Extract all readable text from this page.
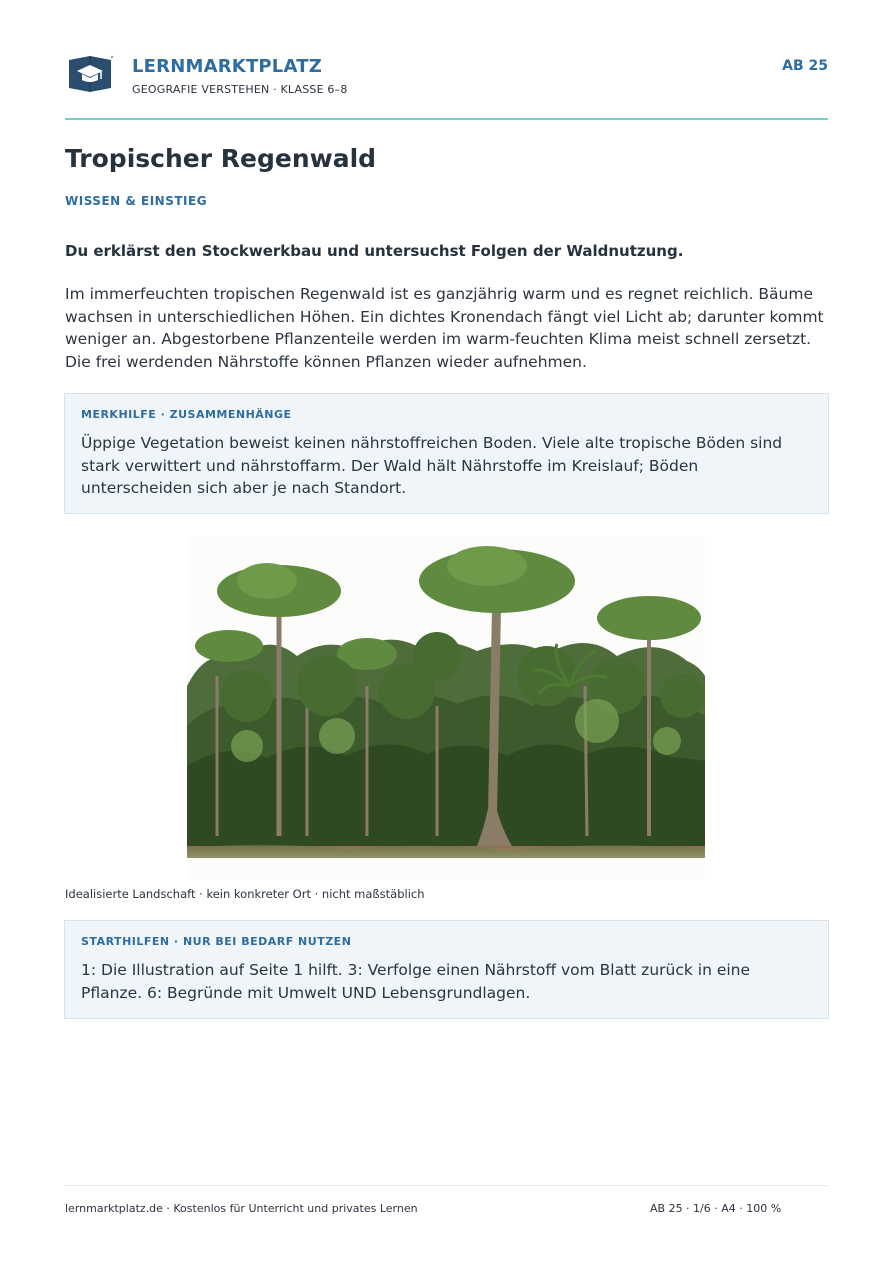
LERNMARKTPLATZ
GEOGRAFIE VERSTEHEN · KLASSE 6–8
AB 25
Tropischer Regenwald
WISSEN & EINSTIEG

Du erklärst den Stockwerkbau und untersuchst Folgen der Waldnutzung.

Im immerfeuchten tropischen Regenwald ist es ganzjährig warm und es regnet reichlich. Bäume wachsen in unterschiedlichen Höhen. Ein dichtes Kronendach fängt viel Licht ab; darunter kommt weniger an. Abgestorbene Pflanzenteile werden im warm-feuchten Klima meist schnell zersetzt. Die frei werdenden Nährstoffe können Pflanzen wieder aufnehmen.

MERKHILFE · ZUSAMMENHÄNGE

Üppige Vegetation beweist keinen nährstoffreichen Boden. Viele alte tropische Böden sind stark verwittert und nährstoffarm. Der Wald hält Nährstoffe im Kreislauf; Böden unterscheiden sich aber je nach Standort.

Idealisierte Landschaft · kein konkreter Ort · nicht maßstäblich
STARTHILFEN · NUR BEI BEDARF NUTZEN

1: Die Illustration auf Seite 1 hilft. 3: Verfolge einen Nährstoff vom Blatt zurück in eine Pflanze. 6: Begründe mit Umwelt UND Lebensgrundlagen.

lernmarktplatz.de · Kostenlos für Unterricht und privates Lernen	AB 25 · 1/6 · A4 · 100 %
